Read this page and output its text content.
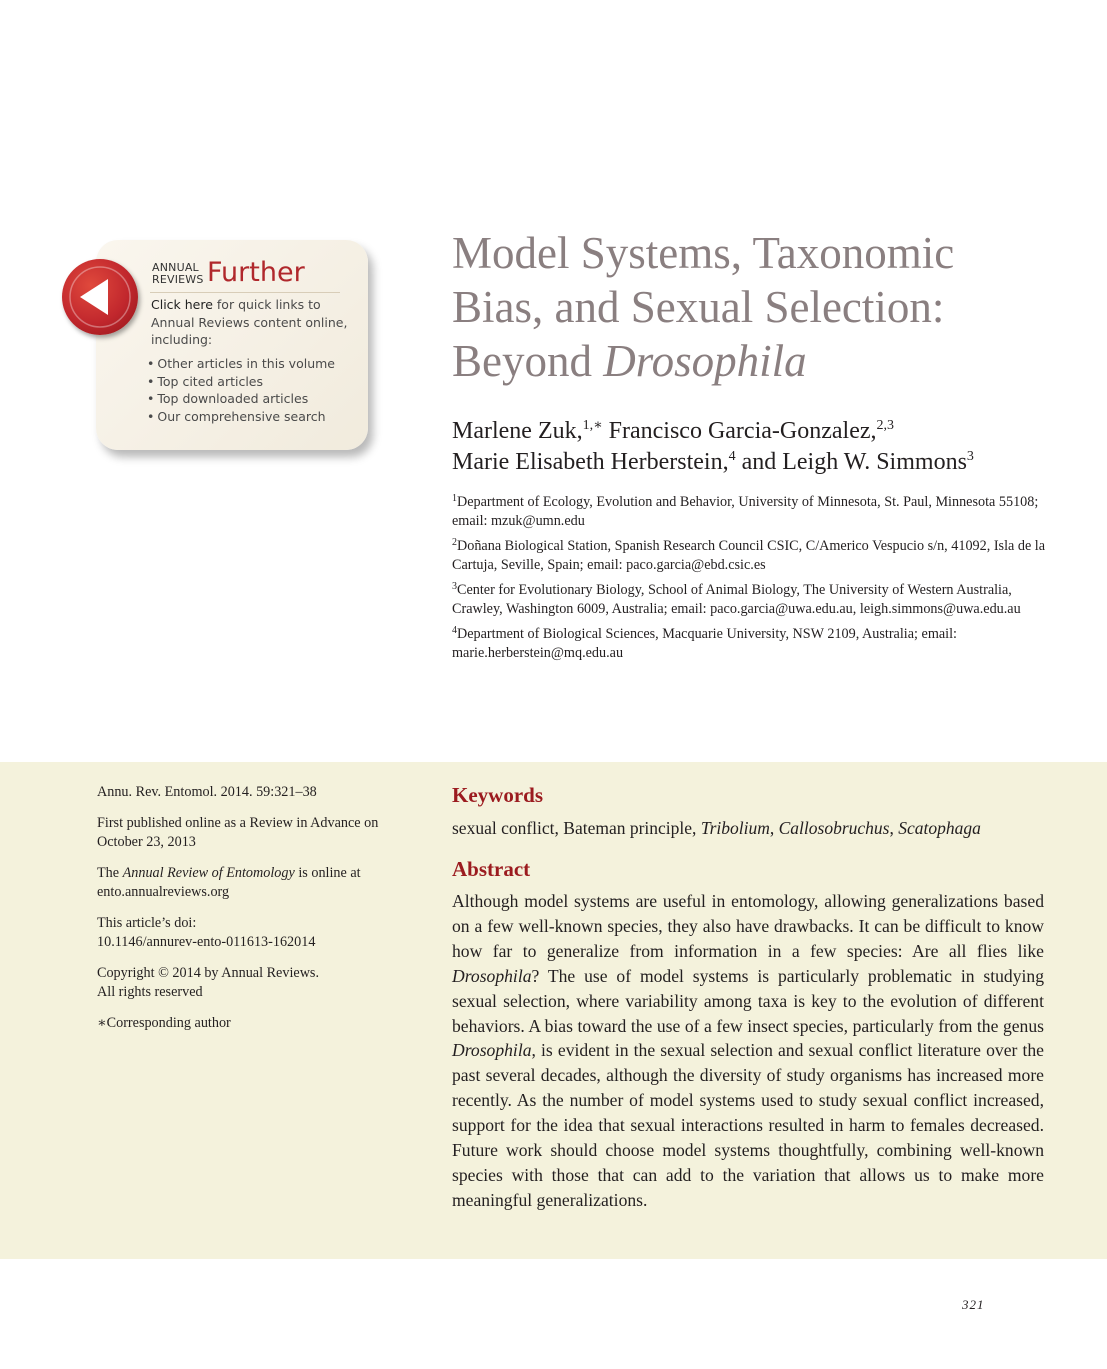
ANNUAL
REVIEWS Further
Click here for quick links to Annual Reviews content online, including:
• Other articles in this volume
• Top cited articles
• Top downloaded articles
• Our comprehensive search
Model Systems, Taxonomic
Bias, and Sexual Selection:
Beyond Drosophila
Marlene Zuk,$^{1,∗}$ Francisco Garcia-Gonzalez,$^{2,3}$
Marie Elisabeth Herberstein,$^4$ and Leigh W. Simmons$^3$

$^1$Department of Ecology, Evolution and Behavior, University of Minnesota, St. Paul, Minnesota 55108; email: mzuk@umn.edu

$^2$Doñana Biological Station, Spanish Research Council CSIC, C/Americo Vespucio s/n, 41092, Isla de la Cartuja, Seville, Spain; email: paco.garcia@ebd.csic.es

$^3$Center for Evolutionary Biology, School of Animal Biology, The University of Western Australia, Crawley, Washington 6009, Australia; email: paco.garcia@uwa.edu.au, leigh.simmons@uwa.edu.au

$^4$Department of Biological Sciences, Macquarie University, NSW 2109, Australia; email: marie.herberstein@mq.edu.au

Annu. Rev. Entomol. 2014. 59:321–38

First published online as a Review in Advance on October 23, 2013

The Annual Review of Entomology is online at ento.annualreviews.org

This article’s doi:
10.1146/annurev-ento-011613-162014

Copyright © 2014 by Annual Reviews.
All rights reserved

∗Corresponding author

Keywords
sexual conflict, Bateman principle, Tribolium, Callosobruchus, Scatophaga
Abstract

Although model systems are useful in entomology, allowing generalizations based on a few well-known species, they also have drawbacks. It can be difficult to know how far to generalize from information in a few species: Are all flies like Drosophila? The use of model systems is particularly problematic in studying sexual selection, where variability among taxa is key to the evolution of different behaviors. A bias toward the use of a few insect species, particularly from the genus Drosophila, is evident in the sexual selection and sexual conflict literature over the past several decades, although the diversity of study organisms has increased more recently. As the number of model systems used to study sexual conflict increased, support for the idea that sexual interactions resulted in harm to females decreased. Future work should choose model systems thoughtfully, combining well-known species with those that can add to the variation that allows us to make more meaningful generalizations.

321
